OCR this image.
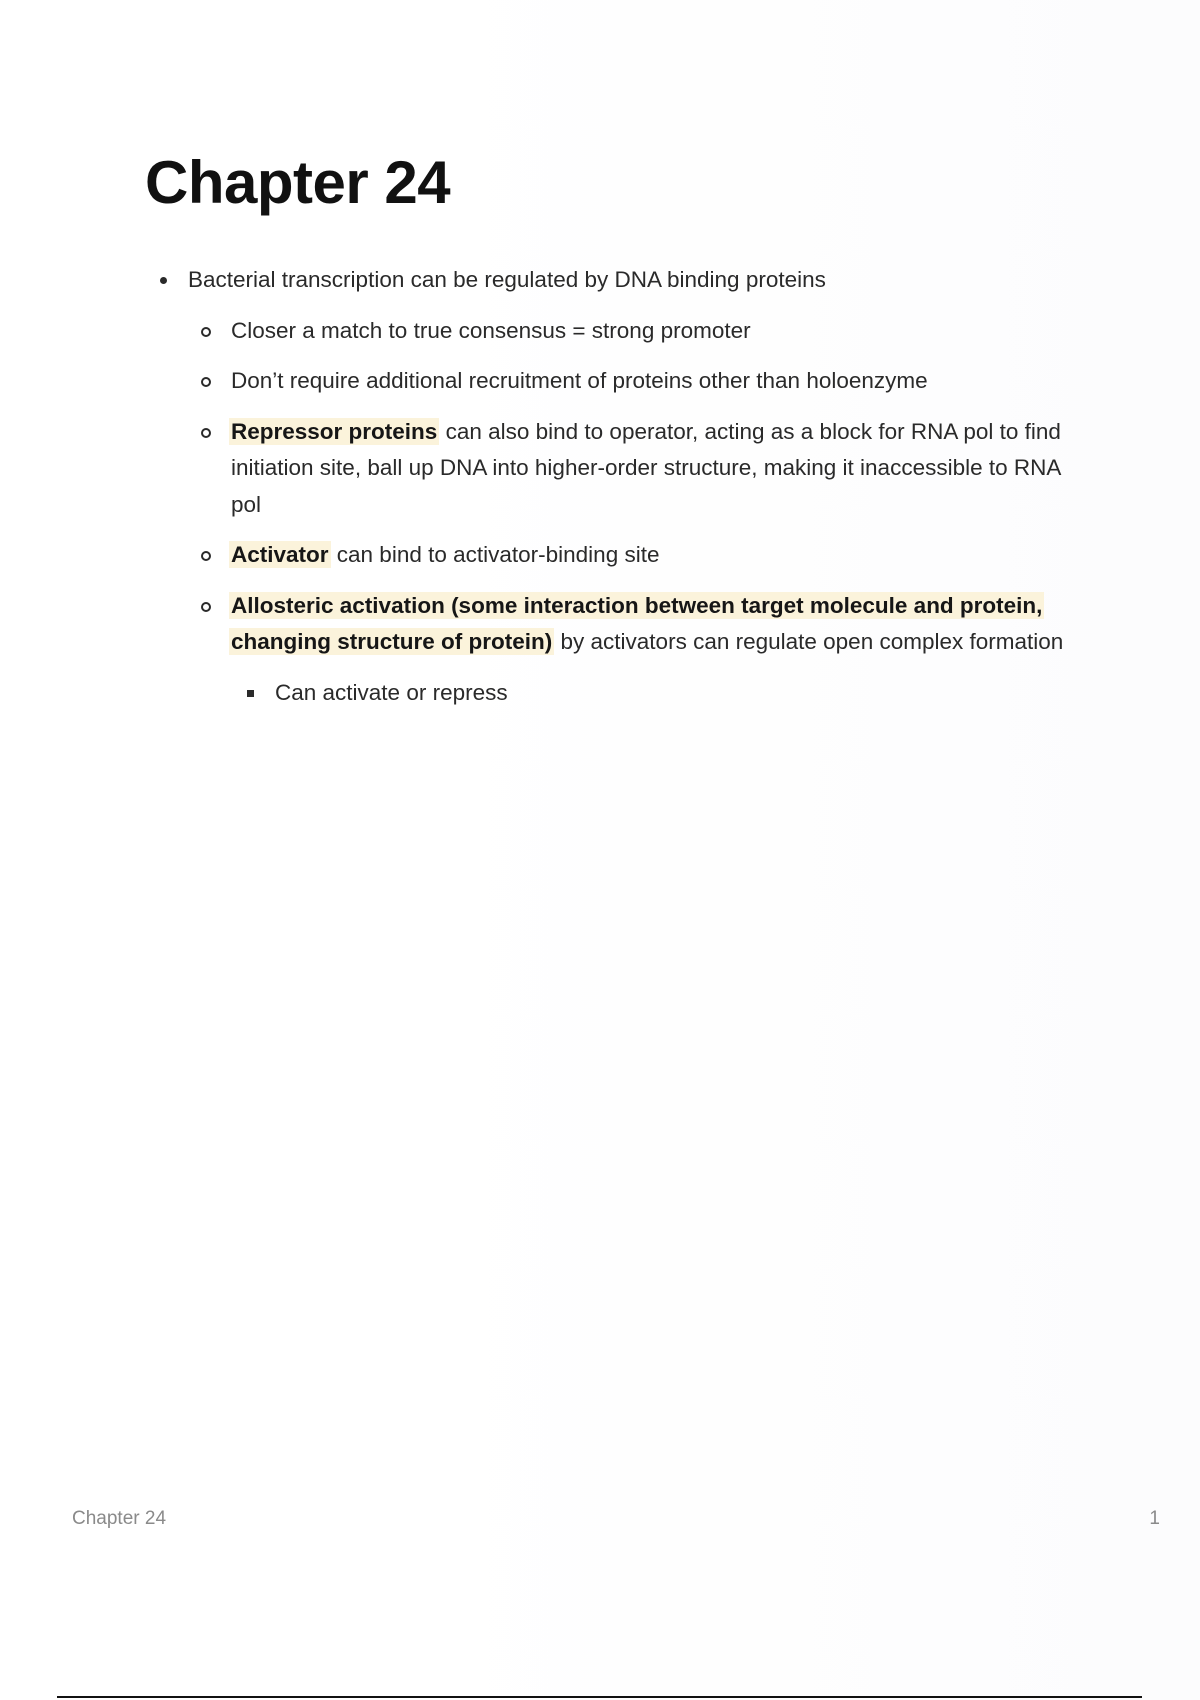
Chapter 24
Bacterial transcription can be regulated by DNA binding proteins
Closer a match to true consensus = strong promoter
Don’t require additional recruitment of proteins other than holoenzyme
Repressor proteins can also bind to operator, acting as a block for RNA pol to find initiation site, ball up DNA into higher-order structure, making it inaccessible to RNA pol
Activator can bind to activator-binding site
Allosteric activation (some interaction between target molecule and protein, changing structure of protein) by activators can regulate open complex formation
Can activate or repress
Chapter 24	1
